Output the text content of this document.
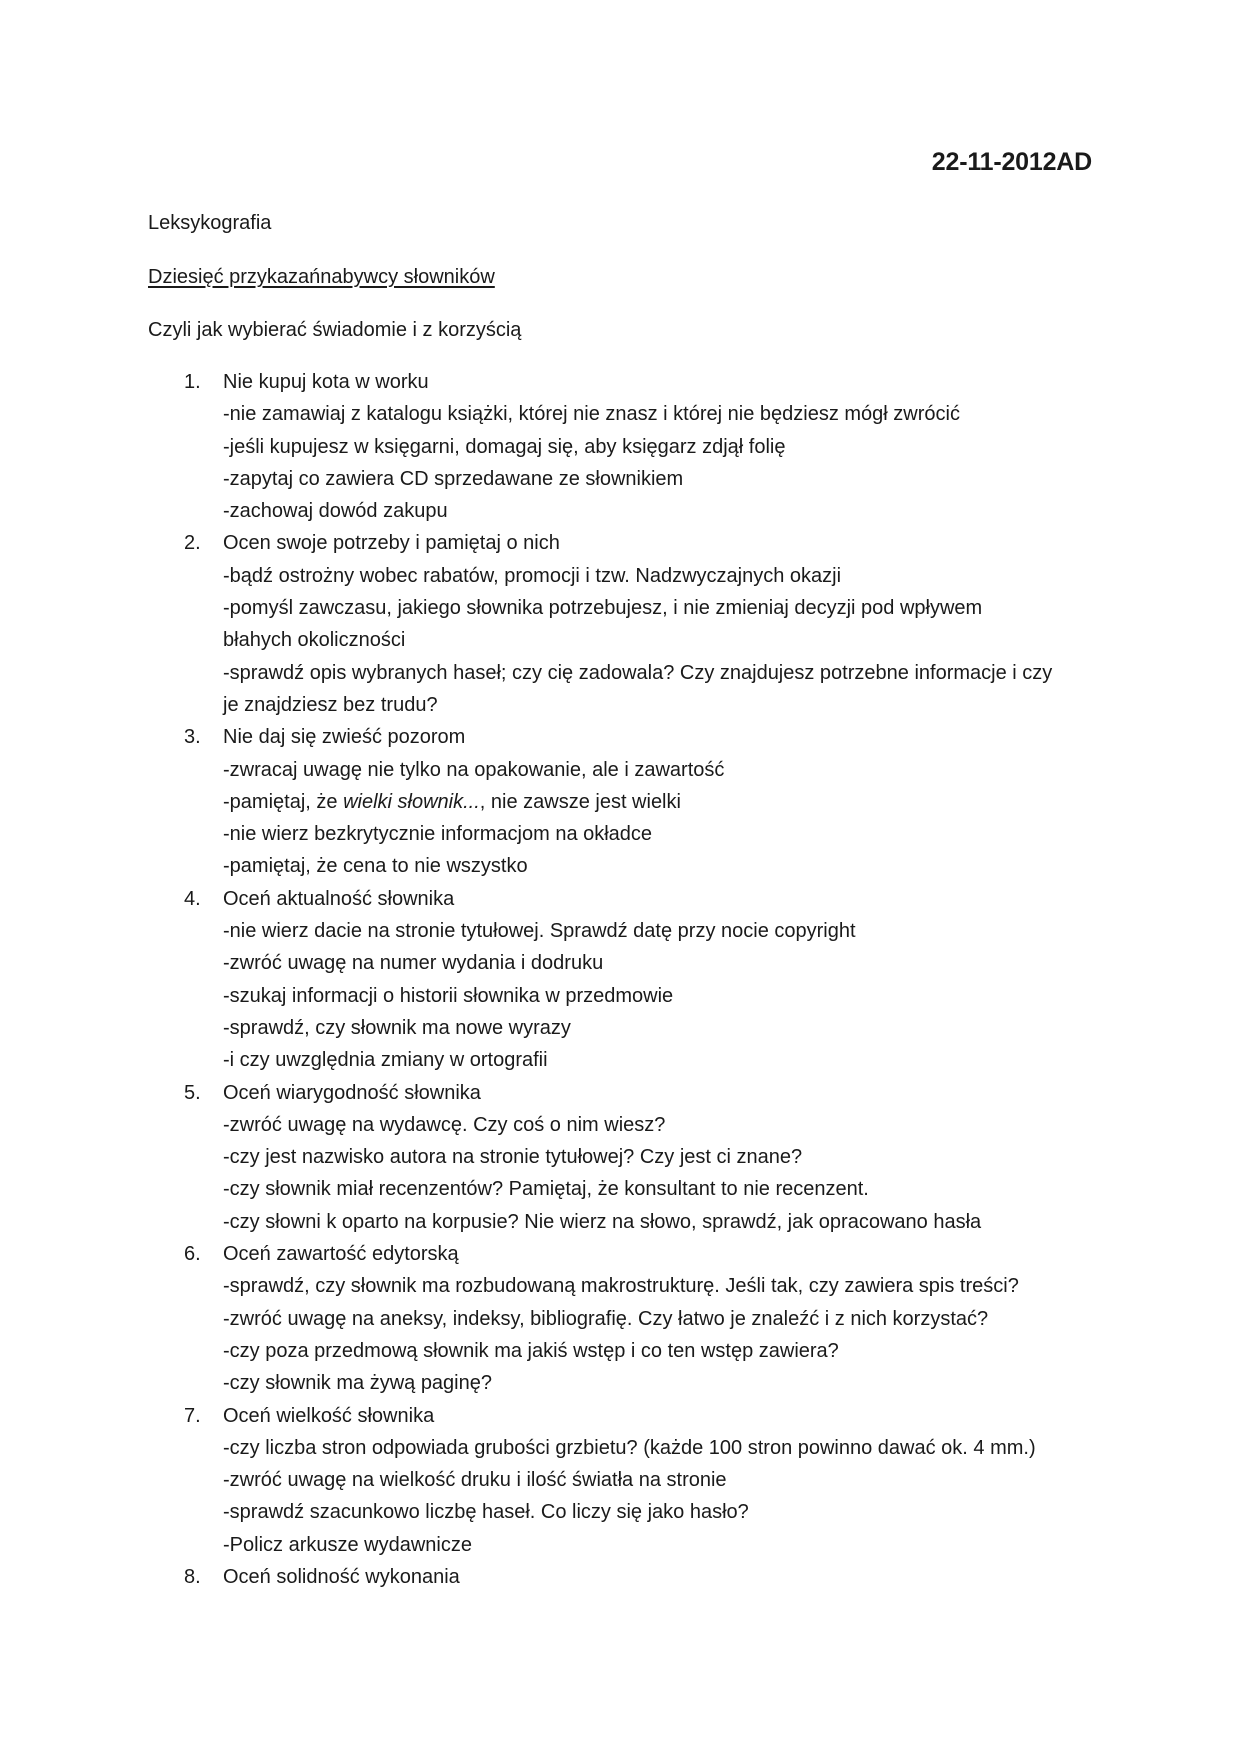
22-11-2012AD
Leksykografia
Dziesięć przykazańnabywcy słowników
Czyli jak wybierać świadomie i z korzyścią
1. Nie kupuj kota w worku
-nie zamawiaj z katalogu książki, której nie znasz i której nie będziesz mógł zwrócić
-jeśli kupujesz w księgarni, domagaj się, aby księgarz zdjął folię
-zapytaj co zawiera CD sprzedawane ze słownikiem
-zachowaj dowód zakupu
2. Ocen swoje potrzeby i pamiętaj o nich
-bądź ostrożny wobec rabatów, promocji i tzw. Nadzwyczajnych okazji
-pomyśl zawczasu, jakiego słownika potrzebujesz, i nie zmieniaj decyzji pod wpływem
błahych okoliczności
-sprawdź opis wybranych haseł; czy cię zadowala? Czy znajdujesz potrzebne informacje i czy
je znajdziesz bez trudu?
3. Nie daj się zwieść pozorom
-zwracaj uwagę nie tylko na opakowanie, ale i zawartość
-pamiętaj, że wielki słownik..., nie zawsze jest wielki
-nie wierz bezkrytycznie informacjom na okładce
-pamiętaj, że cena to nie wszystko
4. Oceń aktualność słownika
-nie wierz dacie na stronie tytułowej. Sprawdź datę przy nocie copyright
-zwróć uwagę na numer wydania i dodruku
-szukaj informacji o historii słownika w przedmowie
-sprawdź, czy słownik ma nowe wyrazy
-i czy uwzględnia zmiany w ortografii
5. Oceń wiarygodność słownika
-zwróć uwagę na wydawcę. Czy coś o nim wiesz?
-czy jest nazwisko autora na stronie tytułowej? Czy jest ci znane?
-czy słownik miał recenzentów? Pamiętaj, że konsultant to nie recenzent.
-czy słowni k oparto na korpusie? Nie wierz na słowo, sprawdź, jak opracowano hasła
6. Oceń zawartość edytorską
-sprawdź, czy słownik ma rozbudowaną makrostrukturę. Jeśli tak, czy zawiera spis treści?
-zwróć uwagę na aneksy, indeksy, bibliografię. Czy łatwo je znaleźć i z nich korzystać?
-czy poza przedmową słownik ma jakiś wstęp i co ten wstęp zawiera?
-czy słownik ma żywą paginę?
7. Oceń wielkość słownika
-czy liczba stron odpowiada grubości grzbietu? (każde 100 stron powinno dawać ok. 4 mm.)
-zwróć uwagę na wielkość druku i ilość światła na stronie
-sprawdź szacunkowo liczbę haseł. Co liczy się jako hasło?
-Policz arkusze wydawnicze
8. Oceń solidność wykonania
